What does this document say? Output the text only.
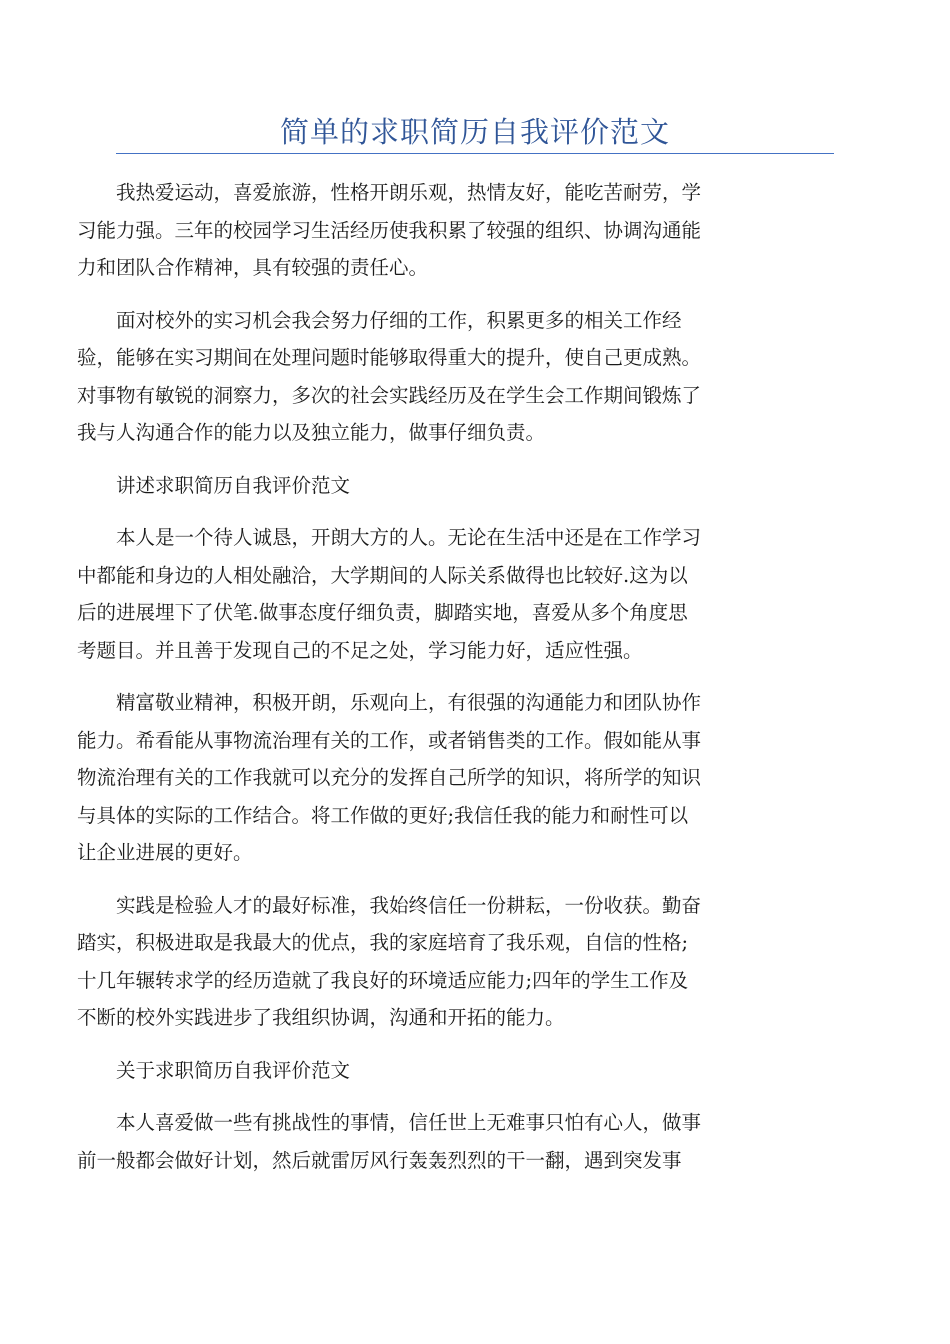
简单的求职简历自我评价范文
我热爱运动，喜爱旅游，性格开朗乐观，热情友好，能吃苦耐劳，学
习能力强。三年的校园学习生活经历使我积累了较强的组织、协调沟通能
力和团队合作精神，具有较强的责任心。
面对校外的实习机会我会努力仔细的工作，积累更多的相关工作经
验，能够在实习期间在处理问题时能够取得重大的提升，使自己更成熟。
对事物有敏锐的洞察力，多次的社会实践经历及在学生会工作期间锻炼了
我与人沟通合作的能力以及独立能力，做事仔细负责。
讲述求职简历自我评价范文
本人是一个待人诚恳，开朗大方的人。无论在生活中还是在工作学习
中都能和身边的人相处融洽，大学期间的人际关系做得也比较好.这为以
后的进展埋下了伏笔.做事态度仔细负责，脚踏实地，喜爱从多个角度思
考题目。并且善于发现自己的不足之处，学习能力好，适应性强。
精富敬业精神，积极开朗，乐观向上，有很强的沟通能力和团队协作
能力。希看能从事物流治理有关的工作，或者销售类的工作。假如能从事
物流治理有关的工作我就可以充分的发挥自己所学的知识，将所学的知识
与具体的实际的工作结合。将工作做的更好;我信任我的能力和耐性可以
让企业进展的更好。
实践是检验人才的最好标准，我始终信任一份耕耘，一份收获。勤奋
踏实，积极进取是我最大的优点，我的家庭培育了我乐观，自信的性格;
十几年辗转求学的经历造就了我良好的环境适应能力;四年的学生工作及
不断的校外实践进步了我组织协调，沟通和开拓的能力。
关于求职简历自我评价范文
本人喜爱做一些有挑战性的事情，信任世上无难事只怕有心人，做事
前一般都会做好计划，然后就雷厉风行轰轰烈烈的干一翻，遇到突发事
